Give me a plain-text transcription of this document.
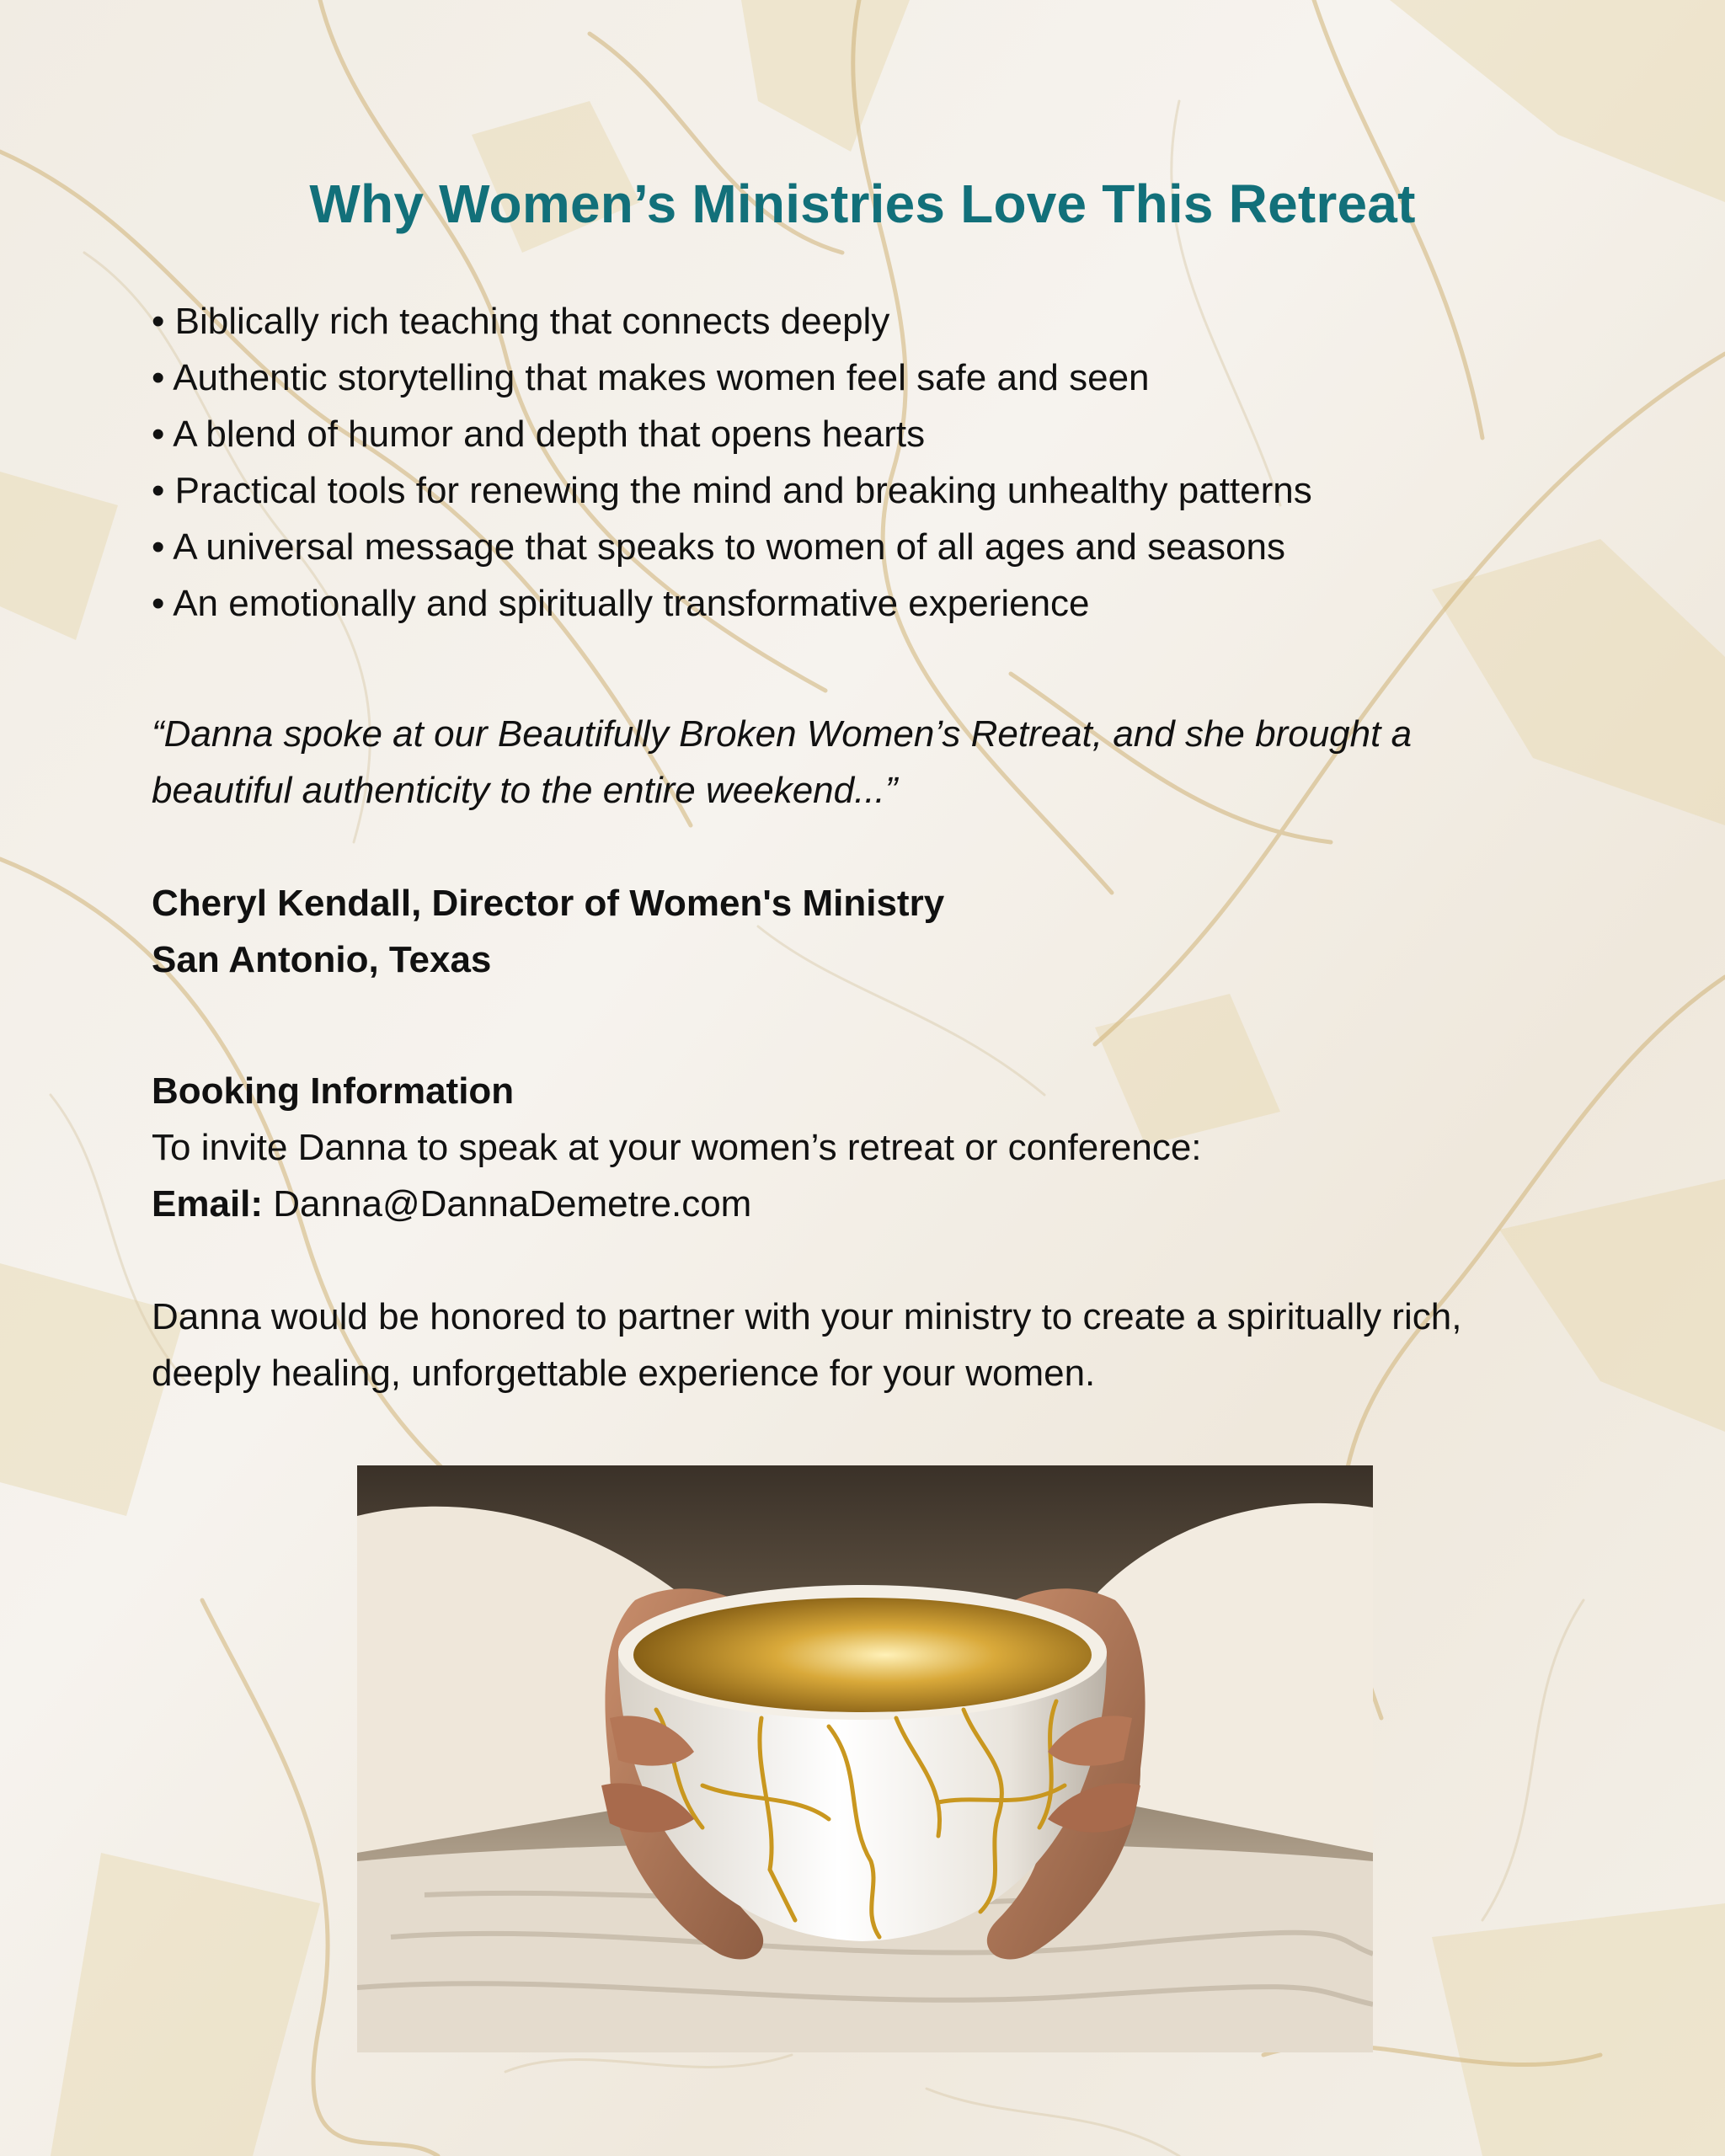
Why Women’s Ministries Love This Retreat
• Biblically rich teaching that connects deeply
• Authentic storytelling that makes women feel safe and seen
• A blend of humor and depth that opens hearts
• Practical tools for renewing the mind and breaking unhealthy patterns
• A universal message that speaks to women of all ages and seasons
• An emotionally and spiritually transformative experience
“Danna spoke at our Beautifully Broken Women’s Retreat, and she brought a
beautiful authenticity to the entire weekend...”
Cheryl Kendall, Director of Women's Ministry
San Antonio, Texas
Booking Information
To invite Danna to speak at your women’s retreat or conference:
Email: Danna@DannaDemetre.com
Danna would be honored to partner with your ministry to create a spiritually rich,
deeply healing, unforgettable experience for your women.
